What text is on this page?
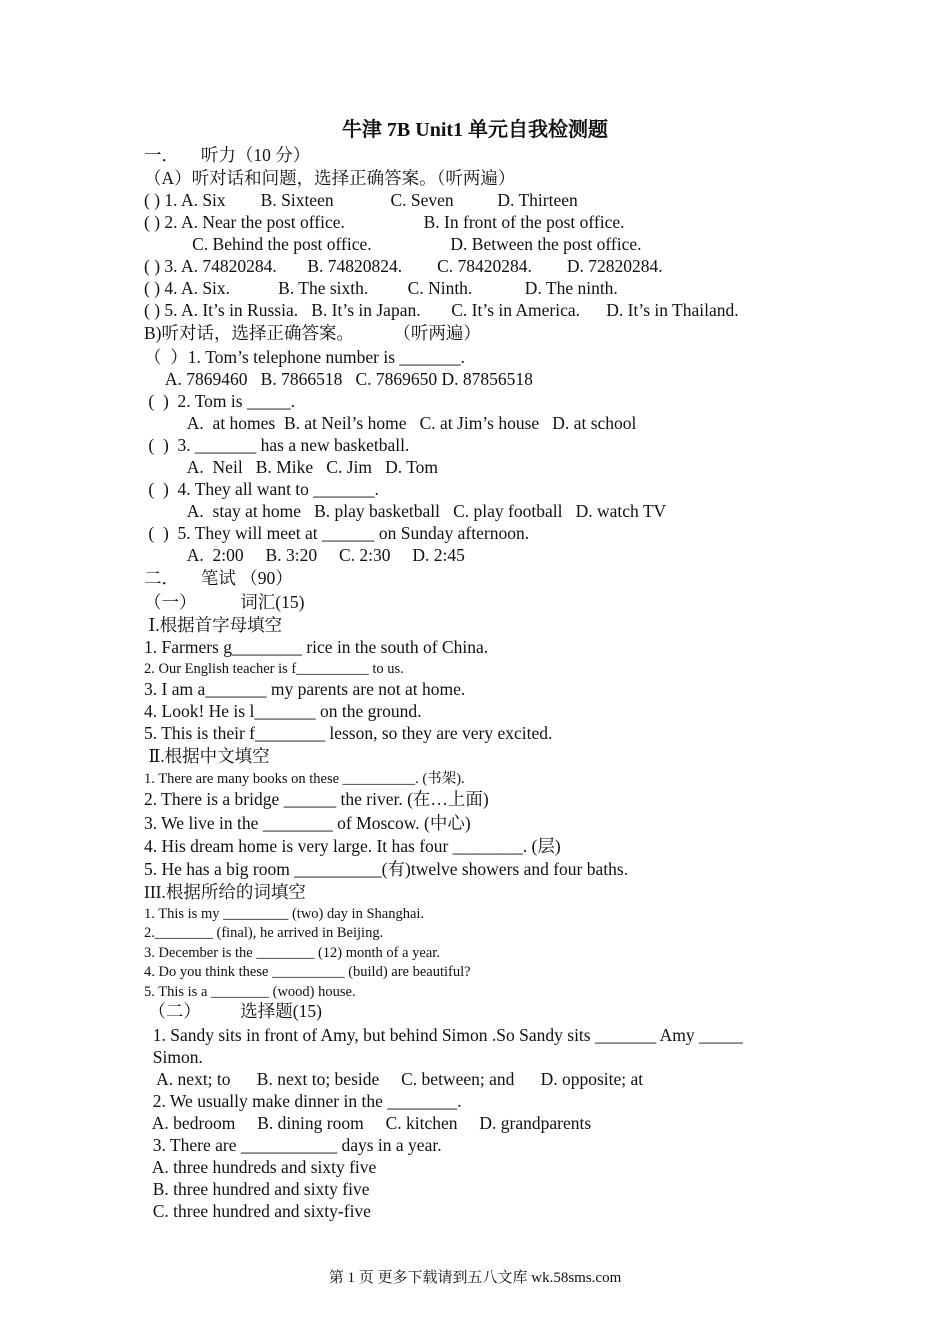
牛津 7B Unit1 单元自我检测题
一．     听力（10 分）
（A）听对话和问题，选择正确答案。（听两遍）
( ) 1. A. Six        B. Sixteen             C. Seven          D. Thirteen
( ) 2. A. Near the post office.                  B. In front of the post office.
C. Behind the post office.                  D. Between the post office.
( ) 3. A. 74820284.       B. 74820824.        C. 78420284.        D. 72820284.
( ) 4. A. Six.           B. The sixth.         C. Ninth.            D. The ninth.
( ) 5. A. It’s in Russia.   B. It’s in Japan.       C. It’s in America.      D. It’s in Thailand.
B)听对话，选择正确答案。         （听两遍）
（  ）1. Tom’s telephone number is _______.
A. 7869460   B. 7866518   C. 7869650 D. 87856518
(  )  2. Tom is _____.
A.  at homes  B. at Neil’s home   C. at Jim’s house   D. at school
(  )  3. _______ has a new basketball.
A.  Neil   B. Mike   C. Jim   D. Tom
(  )  4. They all want to _______.
A.  stay at home   B. play basketball   C. play football   D. watch TV
(  )  5. They will meet at ______ on Sunday afternoon.
A.  2:00     B. 3:20     C. 2:30     D. 2:45
二．     笔试 （90）
（一）          词汇(15)
Ⅰ.根据首字母填空
1. Farmers g________ rice in the south of China.
2. Our English teacher is f__________ to us.
3. I am a_______ my parents are not at home.
4. Look! He is l_______ on the ground.
5. This is their f________ lesson, so they are very excited.
Ⅱ.根据中文填空
1. There are many books on these __________. (书架).
2. There is a bridge ______ the river. (在…上面)
3. We live in the ________ of Moscow. (中心)
4. His dream home is very large. It has four ________. (层)
5. He has a big room __________(有)twelve showers and four baths.
III.根据所给的词填空
1. This is my _________ (two) day in Shanghai.
2.________ (final), he arrived in Beijing.
3. December is the ________ (12) month of a year.
4. Do you think these __________ (build) are beautiful?
5. This is a ________ (wood) house.
（二）         选择题(15)
1. Sandy sits in front of Amy, but behind Simon .So Sandy sits _______ Amy _____
Simon.
A. next; to      B. next to; beside     C. between; and      D. opposite; at
2. We usually make dinner in the ________.
A. bedroom     B. dining room     C. kitchen     D. grandparents
3. There are ___________ days in a year.
A. three hundreds and sixty five
B. three hundred and sixty five
C. three hundred and sixty-five
第 1 页 更多下载请到五八文库 wk.58sms.com
